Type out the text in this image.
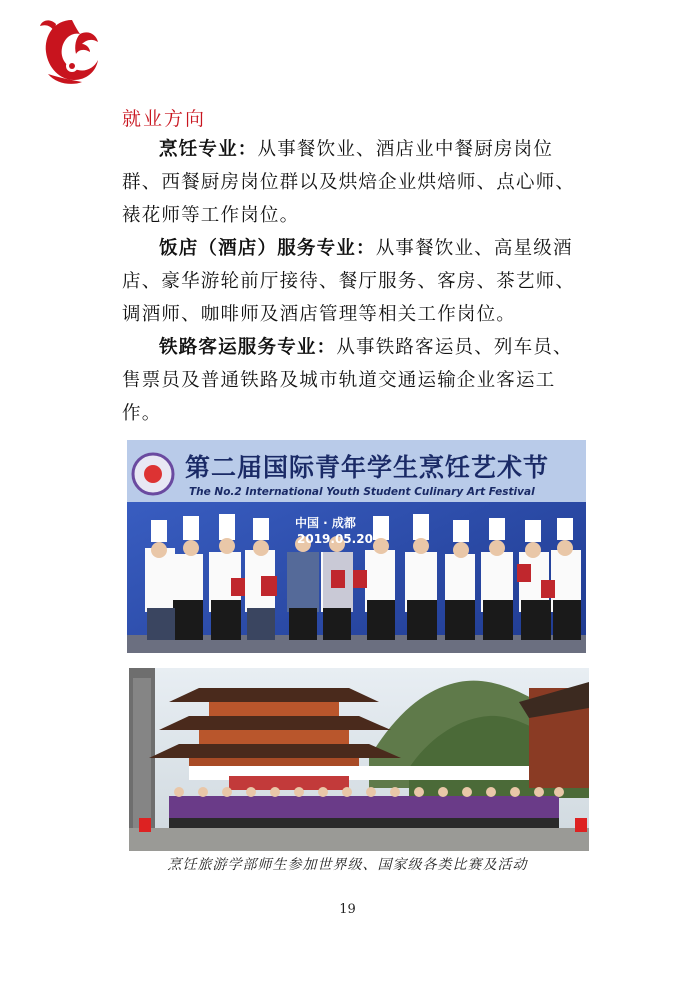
就业方向

烹饪专业：从事餐饮业、酒店业中餐厨房岗位群、西餐厨房岗位群以及烘焙企业烘焙师、点心师、裱花师等工作岗位。

饭店（酒店）服务专业：从事餐饮业、高星级酒店、豪华游轮前厅接待、餐厅服务、客房、茶艺师、调酒师、咖啡师及酒店管理等相关工作岗位。

铁路客运服务专业：从事铁路客运员、列车员、售票员及普通铁路及城市轨道交通运输企业客运工作。

第二届国际青年学生烹饪艺术节
The No.2 International Youth Student Culinary Art Festival
中国 · 成都
2019.05.20
烹饪旅游学部师生参加世界级、国家级各类比赛及活动
19
